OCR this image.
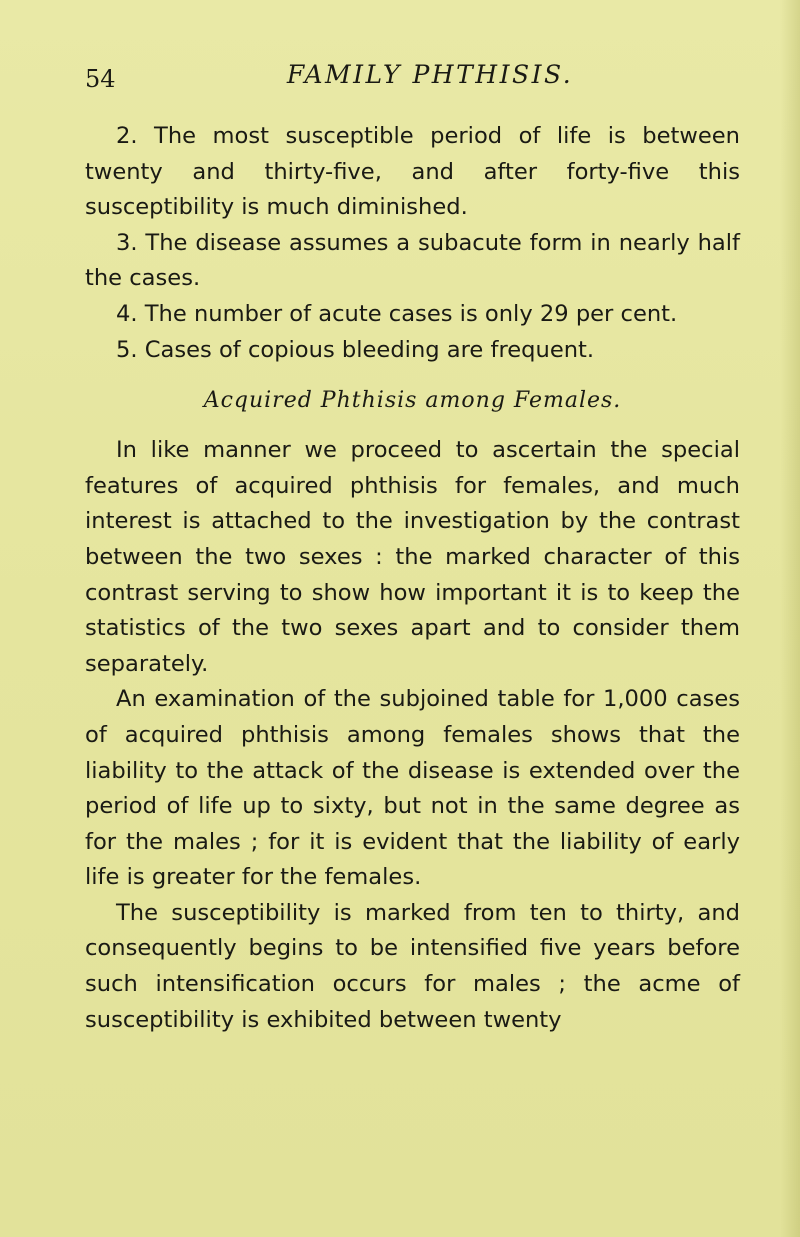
54	FAMILY PHTHISIS.

2. The most susceptible period of life is between twenty and thirty-five, and after forty-five this susceptibility is much diminished.

3. The disease assumes a subacute form in nearly half the cases.

4. The number of acute cases is only 29 per cent.

5. Cases of copious bleeding are frequent.

Acquired Phthisis among Females.

In like manner we proceed to ascertain the special features of acquired phthisis for females, and much interest is attached to the investigation by the contrast between the two sexes : the marked character of this contrast serving to show how important it is to keep the statistics of the two sexes apart and to consider them separately.

An examination of the subjoined table for 1,000 cases of acquired phthisis among females shows that the liability to the attack of the disease is extended over the period of life up to sixty, but not in the same degree as for the males ; for it is evident that the liability of early life is greater for the females.

The susceptibility is marked from ten to thirty, and consequently begins to be intensified five years before such intensification occurs for males ; the acme of susceptibility is exhibited between twenty
